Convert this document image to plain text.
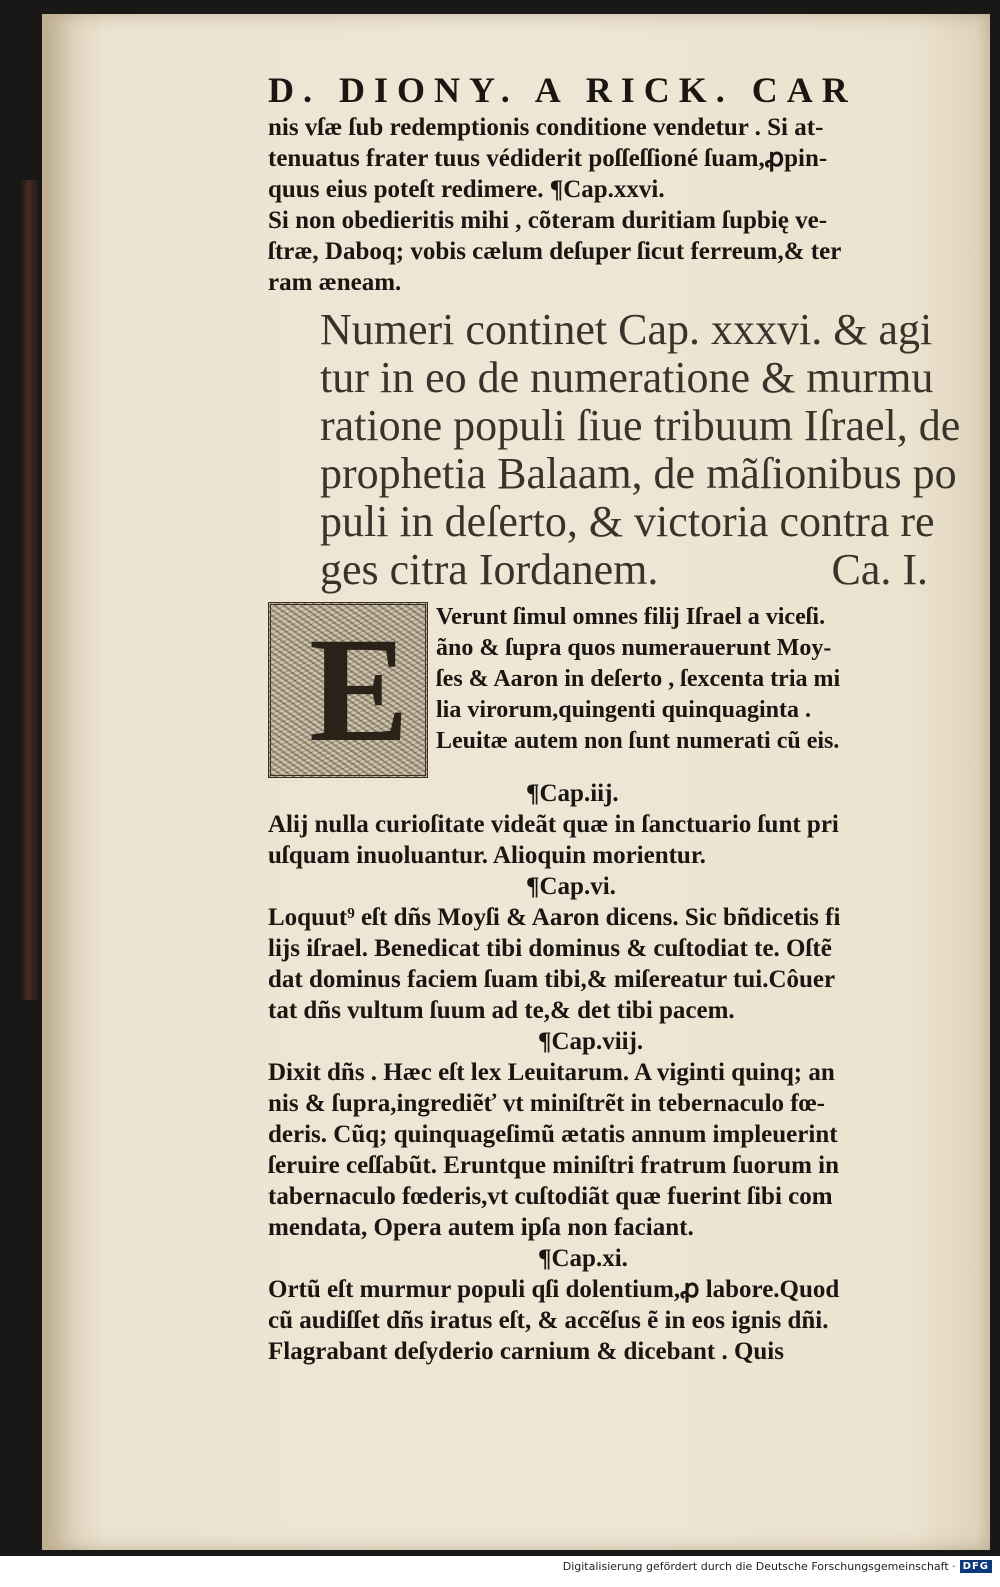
D. DIONY. A RICK. CAR
nis vſæ ſub redemptionis conditione vendetur . Si at-
tenuatus frater tuus védiderit poſſeſſioné ſuam,ꝓpin-
quus eius poteſt redimere. ¶Cap.xxvi.
Si non obedieritis mihi , cõteram duritiam ſupbię ve-
ſtræ, Daboq; vobis cælum deſuper ſicut ferreum,& ter
ram æneam.
Numeri continet Cap. xxxvi. & agi
tur in eo de numeratione & murmu
ratione populi ſiue tribuum Iſrael, de
prophetia Balaam, de mãſionibus po
puli in deſerto, & victoria contra re
ges citra Iordanem.	Ca. I.
E Verunt ſimul omnes filij Iſrael a viceſi.
ãno & ſupra quos numerauerunt Moy-
ſes & Aaron in deſerto , ſexcenta tria mi
lia virorum,quingenti quinquaginta .
Leuitæ autem non ſunt numerati cũ eis.
¶Cap.iij.
Alij nulla curioſitate videãt quæ in ſanctuario ſunt pri
uſquam inuoluantur. Alioquin morientur.
¶Cap.vi.
Loquut⁹ eſt dñs Moyſi & Aaron dicens. Sic bñdicetis fi
lijs iſrael. Benedicat tibi dominus & cuſtodiat te. Oſtẽ
dat dominus faciem ſuam tibi,& miſereatur tui.Côuer
tat dñs vultum ſuum ad te,& det tibi pacem.
¶Cap.viij.
Dixit dñs . Hæc eſt lex Leuitarum. A viginti quinq; an
nis & ſupra,ingrediẽť vt miniſtrẽt in tebernaculo fœ-
deris. Cũq; quinquageſimũ ætatis annum impleuerint
ſeruire ceſſabũt. Eruntque miniſtri fratrum ſuorum in
tabernaculo fœderis,vt cuſtodiãt quæ fuerint ſibi com
mendata, Opera autem ipſa non faciant.
¶Cap.xi.
Ortũ eſt murmur populi qſi dolentium,ꝓ labore.Quod
cũ audiſſet dñs iratus eſt, & accẽſus ẽ in eos ignis dñi.
Flagrabant deſyderio carnium & dicebant . Quis
Digitalisierung gefördert durch die Deutsche Forschungsgemeinschaft · DFG
